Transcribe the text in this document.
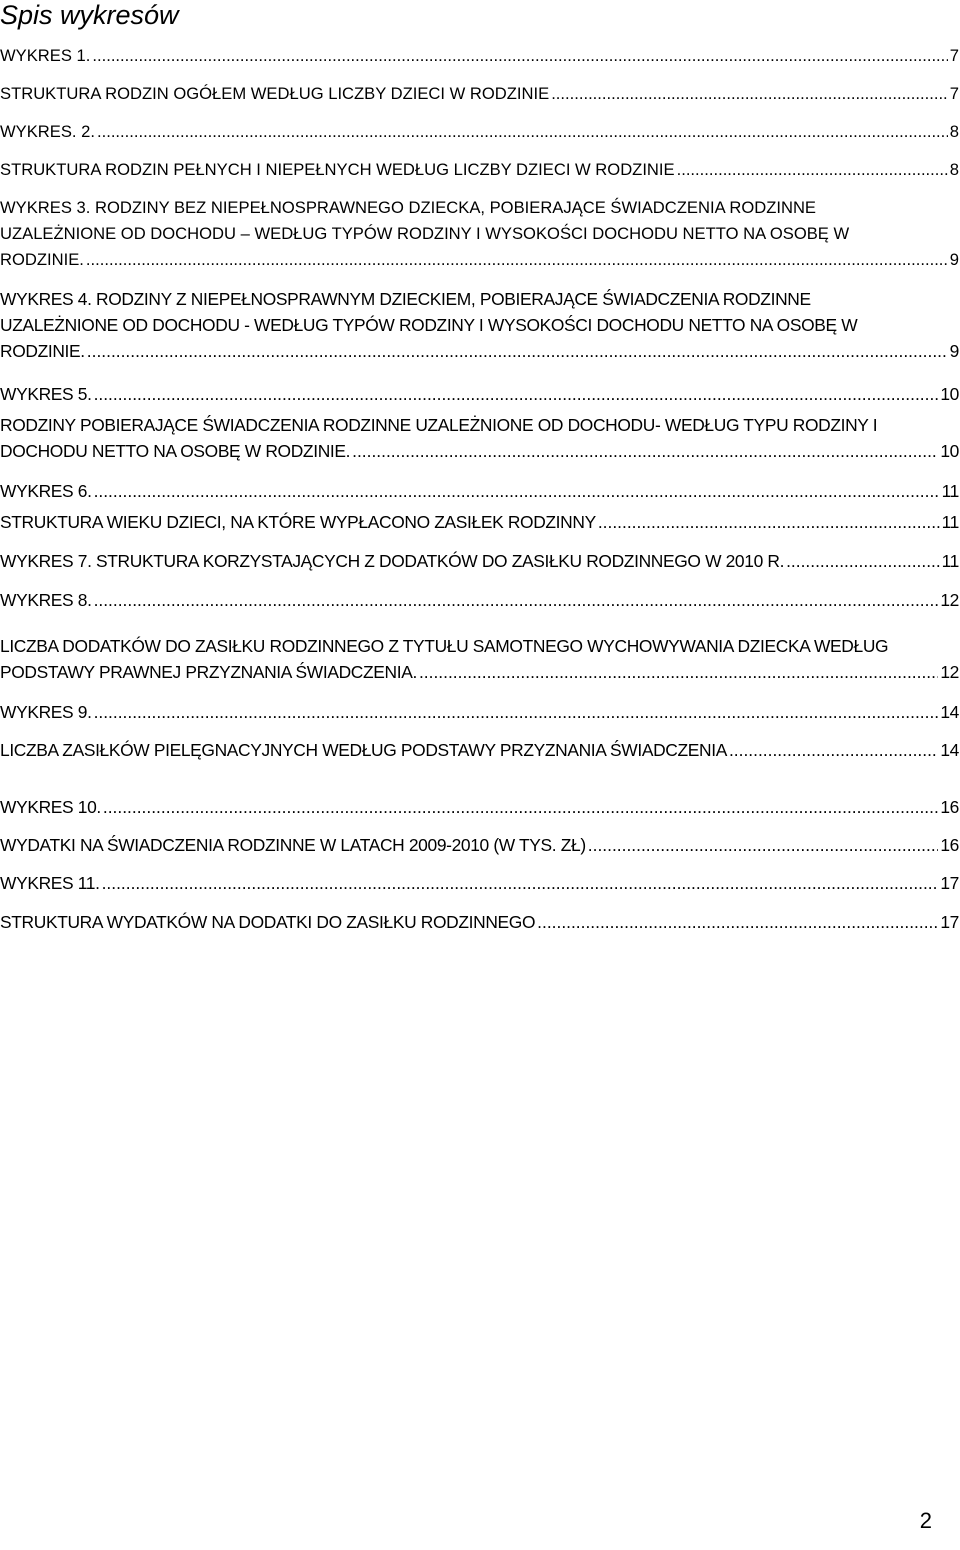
Spis wykresów
WYKRES 1. .....	7
STRUKTURA RODZIN OGÓŁEM WEDŁUG LICZBY DZIECI W RODZINIE .....	7
WYKRES. 2. .....	8
STRUKTURA RODZIN PEŁNYCH I NIEPEŁNYCH WEDŁUG LICZBY DZIECI W RODZINIE .....	8
WYKRES 3. RODZINY BEZ NIEPEŁNOSPRAWNEGO DZIECKA, POBIERAJĄCE ŚWIADCZENIA RODZINNE
UZALEŻNIONE OD DOCHODU – WEDŁUG TYPÓW RODZINY I WYSOKOŚCI DOCHODU NETTO NA OSOBĘ W
RODZINIE. .....	9
WYKRES 4. RODZINY Z NIEPEŁNOSPRAWNYM DZIECKIEM, POBIERAJĄCE ŚWIADCZENIA RODZINNE
UZALEŻNIONE OD DOCHODU - WEDŁUG TYPÓW RODZINY I WYSOKOŚCI DOCHODU NETTO NA OSOBĘ W
RODZINIE. .....	9
WYKRES 5. .....	10
RODZINY POBIERAJĄCE ŚWIADCZENIA RODZINNE UZALEŻNIONE OD DOCHODU- WEDŁUG TYPU RODZINY I
DOCHODU NETTO NA OSOBĘ W RODZINIE. .....	10
WYKRES 6. .....	11
STRUKTURA WIEKU DZIECI, NA KTÓRE WYPŁACONO ZASIŁEK RODZINNY .....	11
WYKRES 7. STRUKTURA KORZYSTAJĄCYCH Z DODATKÓW DO ZASIŁKU RODZINNEGO W 2010 R. .....	11
WYKRES 8. .....	12
LICZBA DODATKÓW DO ZASIŁKU RODZINNEGO Z TYTUŁU SAMOTNEGO WYCHOWYWANIA DZIECKA WEDŁUG
PODSTAWY PRAWNEJ PRZYZNANIA ŚWIADCZENIA. .....	12
WYKRES 9. .....	14
LICZBA ZASIŁKÓW PIELĘGNACYJNYCH WEDŁUG PODSTAWY PRZYZNANIA ŚWIADCZENIA .....	14
WYKRES 10. .....	16
WYDATKI NA ŚWIADCZENIA RODZINNE W LATACH 2009-2010 (W TYS. ZŁ) .....	16
WYKRES 11. .....	17
STRUKTURA WYDATKÓW NA DODATKI DO ZASIŁKU RODZINNEGO .....	17
2
